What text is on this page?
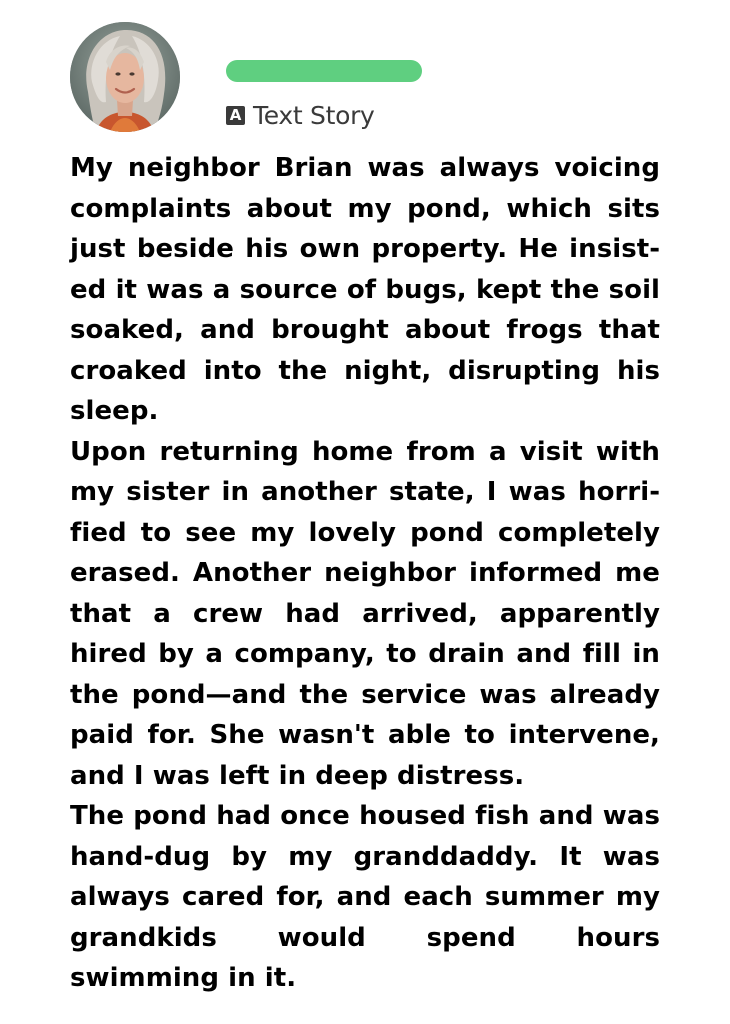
A Text Story

My neighbor Brian was always voicing complaints about my pond, which sits just beside his own property. He insisted it was a source of bugs, kept the soil soaked, and brought about frogs that croaked into the night, disrupting his sleep.

Upon returning home from a visit with my sister in another state, I was horrified to see my lovely pond completely erased. Another neighbor informed me that a crew had arrived, apparently hired by a company, to drain and fill in the pond—and the service was already paid for. She wasn't able to intervene, and I was left in deep distress.

The pond had once housed fish and was hand-dug by my granddaddy. It was always cared for, and each summer my grandkids would spend hours swimming in it.
